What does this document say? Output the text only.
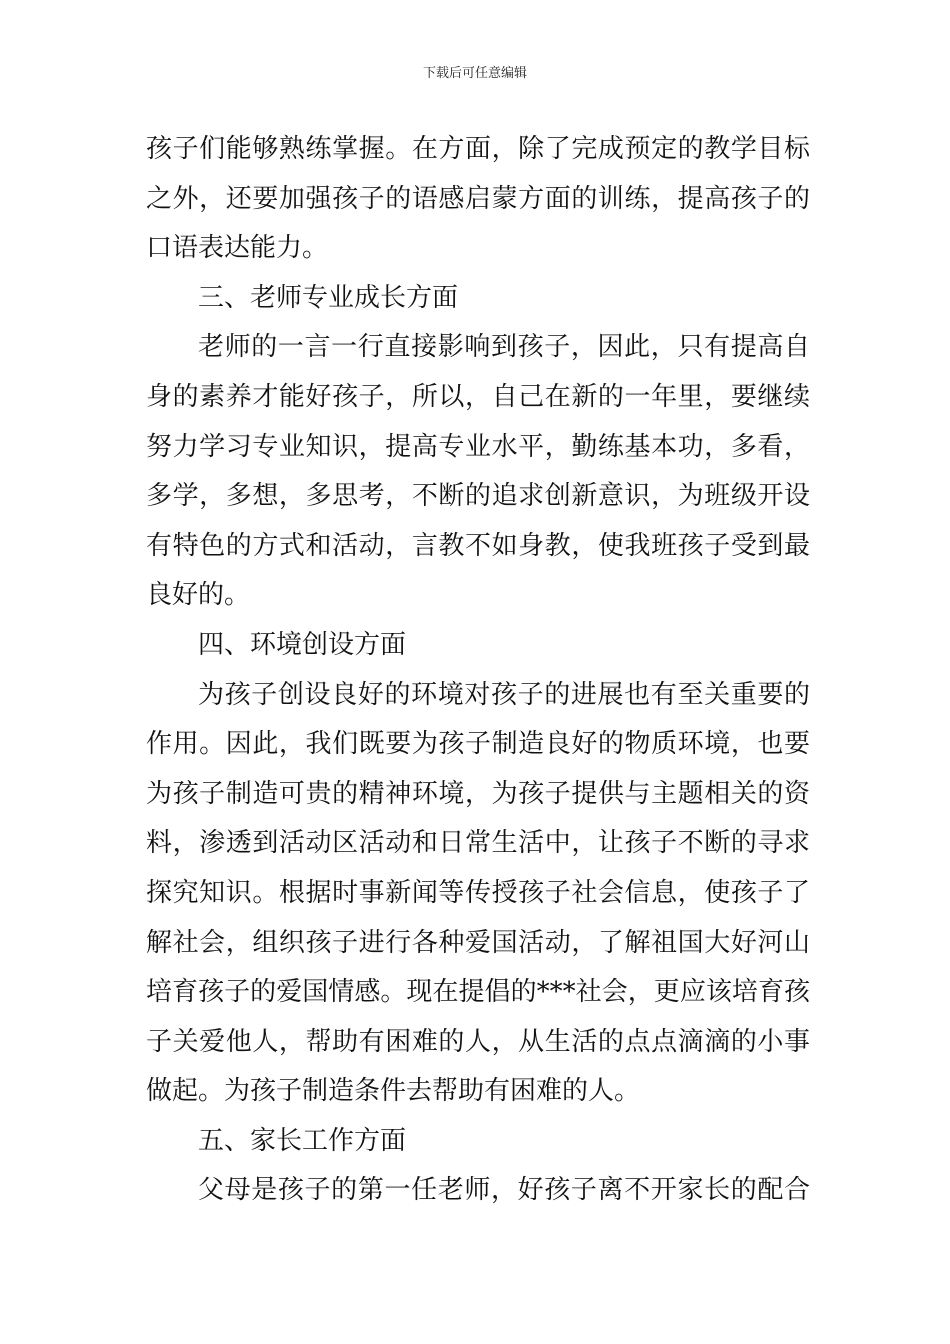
下载后可任意编辑
孩子们能够熟练掌握。在方面，除了完成预定的教学目标
之外，还要加强孩子的语感启蒙方面的训练，提高孩子的
口语表达能力。
三、老师专业成长方面
老师的一言一行直接影响到孩子，因此，只有提高自
身的素养才能好孩子，所以，自己在新的一年里，要继续
努力学习专业知识，提高专业水平，勤练基本功，多看，
多学，多想，多思考，不断的追求创新意识，为班级开设
有特色的方式和活动，言教不如身教，使我班孩子受到最
良好的。
四、环境创设方面
为孩子创设良好的环境对孩子的进展也有至关重要的
作用。因此，我们既要为孩子制造良好的物质环境，也要
为孩子制造可贵的精神环境，为孩子提供与主题相关的资
料，渗透到活动区活动和日常生活中，让孩子不断的寻求
探究知识。根据时事新闻等传授孩子社会信息，使孩子了
解社会，组织孩子进行各种爱国活动，了解祖国大好河山
培育孩子的爱国情感。现在提倡的***社会，更应该培育孩
子关爱他人，帮助有困难的人，从生活的点点滴滴的小事
做起。为孩子制造条件去帮助有困难的人。
五、家长工作方面
父母是孩子的第一任老师，好孩子离不开家长的配合
